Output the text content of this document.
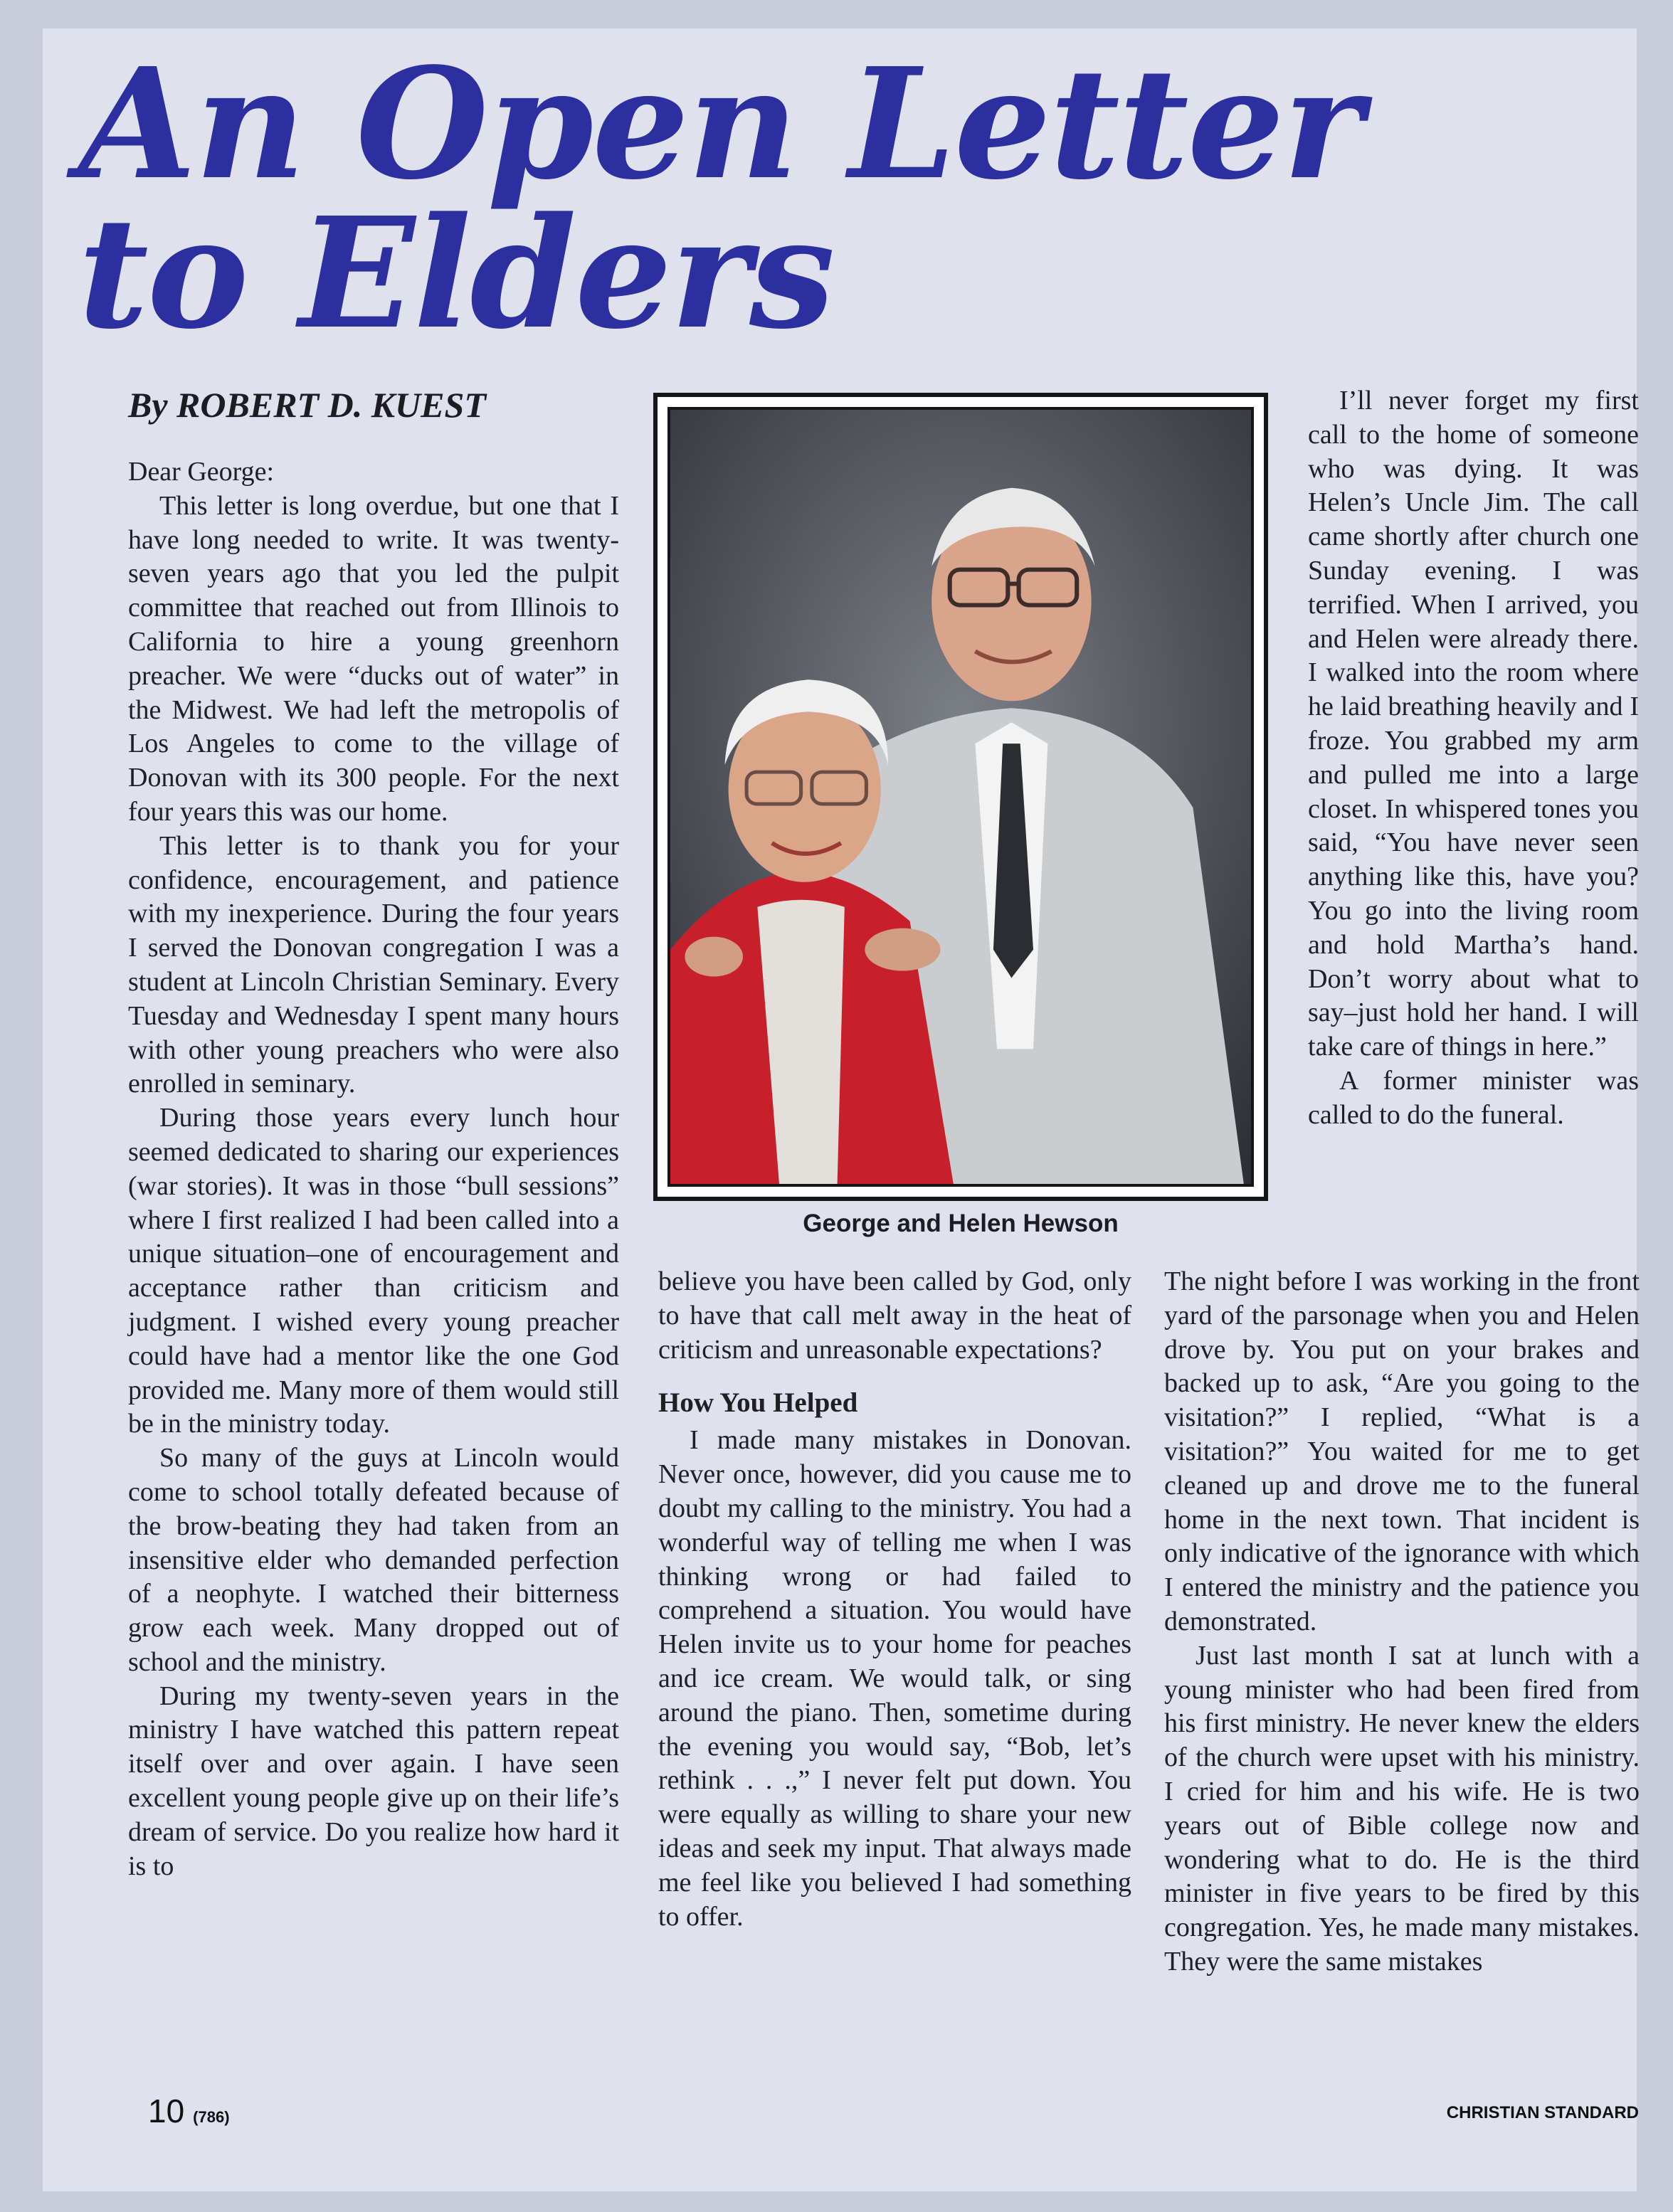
An Open Letter
to Elders
By ROBERT D. KUEST

Dear George:

This letter is long overdue, but one that I have long needed to write. It was twenty-seven years ago that you led the pulpit committee that reached out from Illinois to California to hire a young greenhorn preacher. We were “ducks out of water” in the Midwest. We had left the metropolis of Los Angeles to come to the village of Donovan with its 300 people. For the next four years this was our home.

This letter is to thank you for your confidence, encouragement, and patience with my inexperience. During the four years I served the Donovan congregation I was a student at Lincoln Christian Seminary. Every Tuesday and Wednesday I spent many hours with other young preachers who were also enrolled in seminary.

During those years every lunch hour seemed dedicated to sharing our experiences (war stories). It was in those “bull sessions” where I first realized I had been called into a unique situation–one of encouragement and acceptance rather than criticism and judgment. I wished every young preacher could have had a mentor like the one God provided me. Many more of them would still be in the ministry today.

So many of the guys at Lincoln would come to school totally defeated because of the brow-beating they had taken from an insensitive elder who demanded perfection of a neophyte. I watched their bitterness grow each week. Many dropped out of school and the ministry.

During my twenty-seven years in the ministry I have watched this pattern repeat itself over and over again. I have seen excellent young people give up on their life’s dream of service. Do you realize how hard it is to

George and Helen Hewson

believe you have been called by God, only to have that call melt away in the heat of criticism and unreasonable expectations?

How You Helped

I made many mistakes in Donovan. Never once, however, did you cause me to doubt my calling to the ministry. You had a wonderful way of telling me when I was thinking wrong or had failed to comprehend a situation. You would have Helen invite us to your home for peaches and ice cream. We would talk, or sing around the piano. Then, sometime during the evening you would say, “Bob, let’s rethink . . .,” I never felt put down. You were equally as willing to share your new ideas and seek my input. That always made me feel like you believed I had something to offer.

I’ll never forget my first call to the home of someone who was dying. It was Helen’s Uncle Jim. The call came shortly after church one Sunday evening. I was terrified. When I arrived, you and Helen were already there. I walked into the room where he laid breathing heavily and I froze. You grabbed my arm and pulled me into a large closet. In whispered tones you said, “You have never seen anything like this, have you? You go into the living room and hold Martha’s hand. Don’t worry about what to say–just hold her hand. I will take care of things in here.”

A former minister was called to do the funeral.

The night before I was working in the front yard of the parsonage when you and Helen drove by. You put on your brakes and backed up to ask, “Are you going to the visitation?” I replied, “What is a visitation?” You waited for me to get cleaned up and drove me to the funeral home in the next town. That incident is only indicative of the ignorance with which I entered the ministry and the patience you demonstrated.

Just last month I sat at lunch with a young minister who had been fired from his first ministry. He never knew the elders of the church were upset with his ministry. I cried for him and his wife. He is two years out of Bible college now and wondering what to do. He is the third minister in five years to be fired by this congregation. Yes, he made many mistakes. They were the same mistakes

10 (786)	CHRISTIAN STANDARD
